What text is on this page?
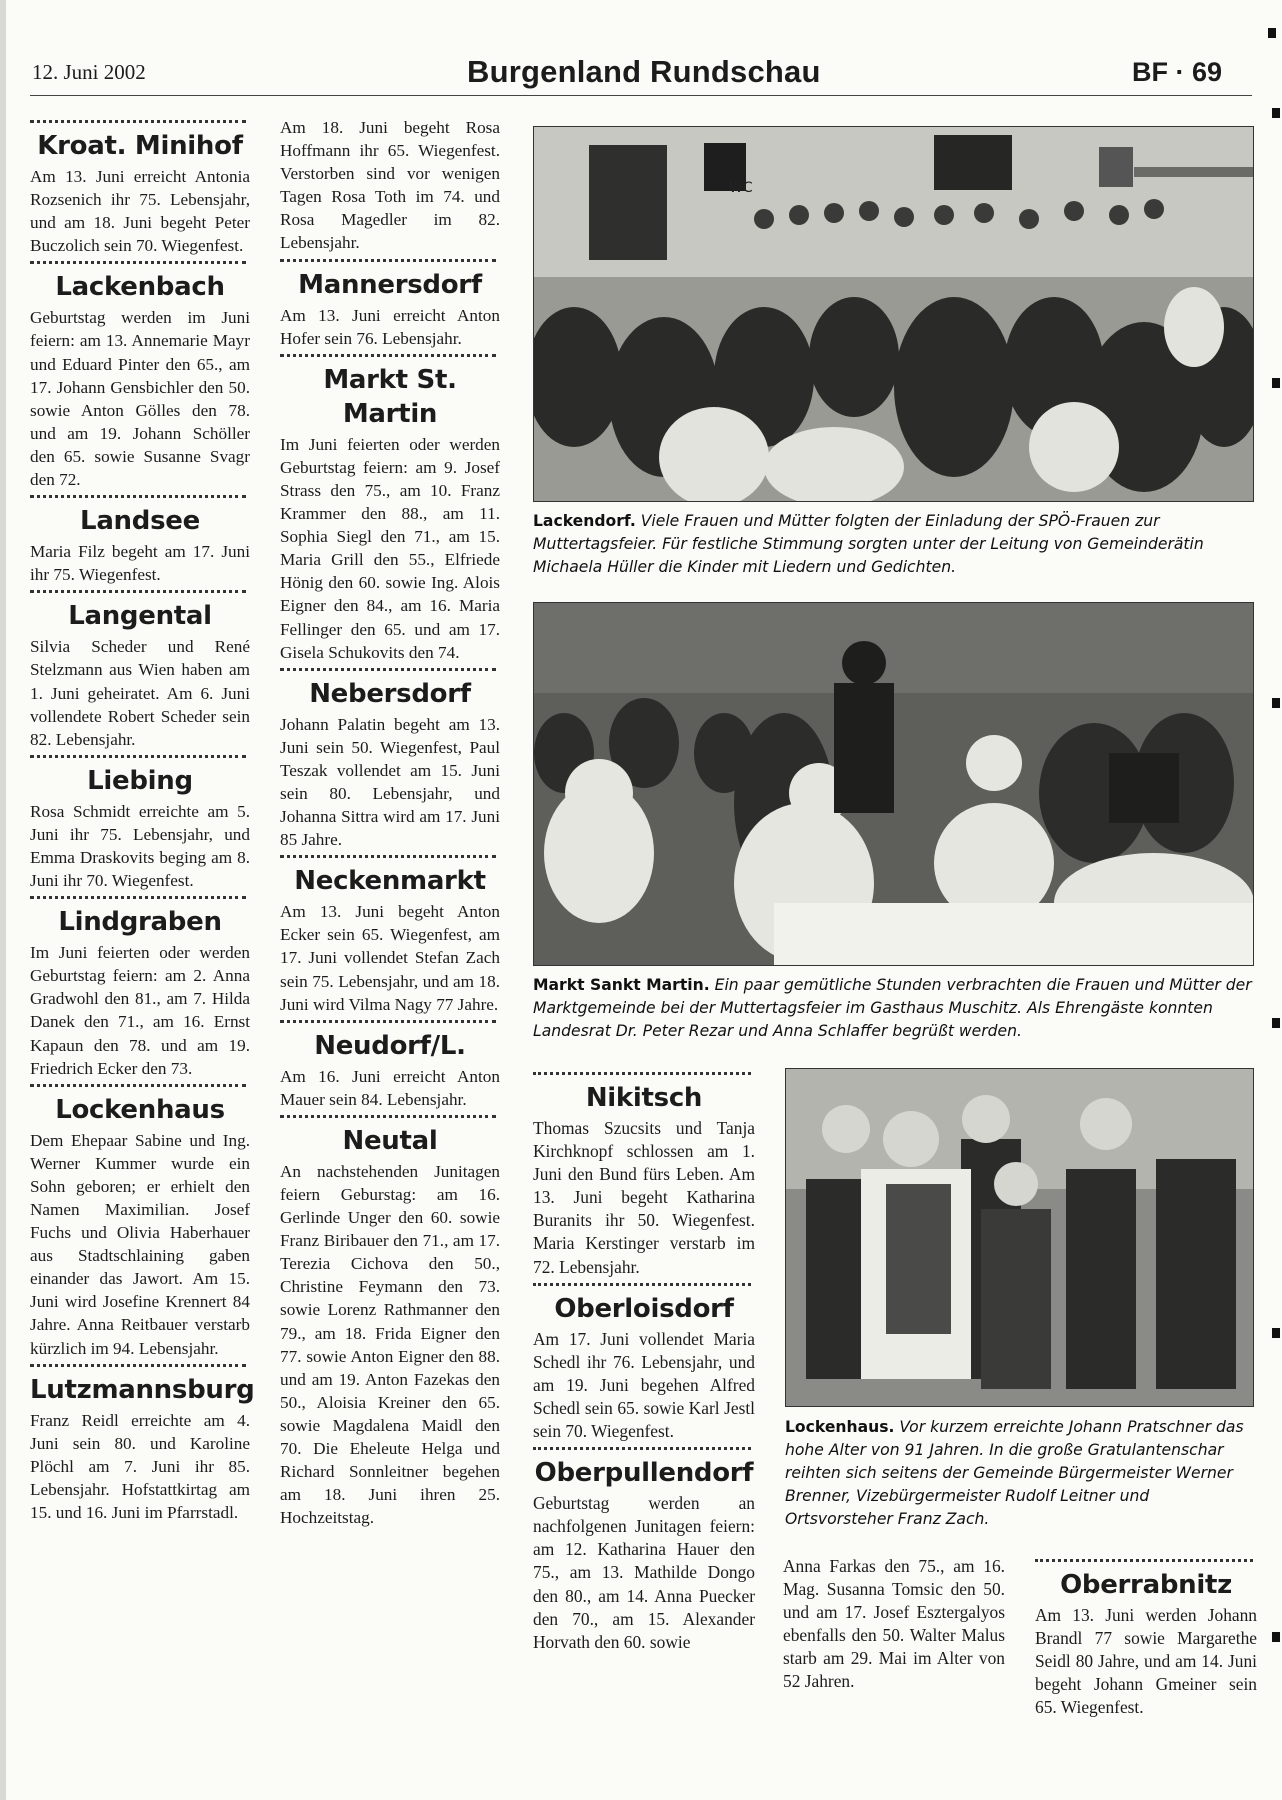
12. Juni 2002	Burgenland Rundschau	BF · 69
Kroat. Minihof

Am 13. Juni erreicht Antonia Rozsenich ihr 75. Lebensjahr, und am 18. Juni begeht Peter Buczolich sein 70. Wiegenfest.

Lackenbach

Geburtstag werden im Juni feiern: am 13. Annemarie Mayr und Eduard Pinter den 65., am 17. Johann Gensbichler den 50. sowie Anton Gölles den 78. und am 19. Johann Schöller den 65. sowie Susanne Svagr den 72.

Landsee

Maria Filz begeht am 17. Juni ihr 75. Wiegenfest.

Langental

Silvia Scheder und René Stelzmann aus Wien haben am 1. Juni geheiratet. Am 6. Juni vollendete Robert Scheder sein 82. Lebensjahr.

Liebing

Rosa Schmidt erreichte am 5. Juni ihr 75. Lebensjahr, und Emma Draskovits beging am 8. Juni ihr 70. Wiegenfest.

Lindgraben

Im Juni feierten oder werden Geburtstag feiern: am 2. Anna Gradwohl den 81., am 7. Hilda Danek den 71., am 16. Ernst Kapaun den 78. und am 19. Friedrich Ecker den 73.

Lockenhaus

Dem Ehepaar Sabine und Ing. Werner Kummer wurde ein Sohn geboren; er erhielt den Namen Maximilian. Josef Fuchs und Olivia Haberhauer aus Stadtschlaining gaben einander das Jawort. Am 15. Juni wird Josefine Krennert 84 Jahre. Anna Reitbauer verstarb kürzlich im 94. Lebensjahr.

Lutzmannsburg

Franz Reidl erreichte am 4. Juni sein 80. und Karoline Plöchl am 7. Juni ihr 85. Lebensjahr. Hofstattkirtag am 15. und 16. Juni im Pfarrstadl.

Am 18. Juni begeht Rosa Hoffmann ihr 65. Wiegenfest. Verstorben sind vor wenigen Tagen Rosa Toth im 74. und Rosa Magedler im 82. Lebensjahr.

Mannersdorf

Am 13. Juni erreicht Anton Hofer sein 76. Lebensjahr.

Markt St. Martin

Im Juni feierten oder werden Geburtstag feiern: am 9. Josef Strass den 75., am 10. Franz Krammer den 88., am 11. Sophia Siegl den 71., am 15. Maria Grill den 55., Elfriede Hönig den 60. sowie Ing. Alois Eigner den 84., am 16. Maria Fellinger den 65. und am 17. Gisela Schukovits den 74.

Nebersdorf

Johann Palatin begeht am 13. Juni sein 50. Wiegenfest, Paul Teszak vollendet am 15. Juni sein 80. Lebensjahr, und Johanna Sittra wird am 17. Juni 85 Jahre.

Neckenmarkt

Am 13. Juni begeht Anton Ecker sein 65. Wiegenfest, am 17. Juni vollendet Stefan Zach sein 75. Lebensjahr, und am 18. Juni wird Vilma Nagy 77 Jahre.

Neudorf/L.

Am 16. Juni erreicht Anton Mauer sein 84. Lebensjahr.

Neutal

An nachstehenden Junitagen feiern Geburstag: am 16. Gerlinde Unger den 60. sowie Franz Biribauer den 71., am 17. Terezia Cichova den 50., Christine Feymann den 73. sowie Lorenz Rathmanner den 79., am 18. Frida Eigner den 77. sowie Anton Eigner den 88. und am 19. Anton Fazekas den 50., Aloisia Kreiner den 65. sowie Magdalena Maidl den 70. Die Eheleute Helga und Richard Sonnleitner begehen am 18. Juni ihren 25. Hochzeitstag.

WC
Lackendorf. Viele Frauen und Mütter folgten der Einladung der SPÖ-Frauen zur Muttertagsfeier. Für festliche Stimmung sorgten unter der Leitung von Gemeinderätin Michaela Hüller die Kinder mit Liedern und Gedichten.
Markt Sankt Martin. Ein paar gemütliche Stunden verbrachten die Frauen und Mütter der Marktgemeinde bei der Muttertagsfeier im Gasthaus Muschitz. Als Ehrengäste konnten Landesrat Dr. Peter Rezar und Anna Schlaffer begrüßt werden.
Nikitsch

Thomas Szucsits und Tanja Kirchknopf schlossen am 1. Juni den Bund fürs Leben. Am 13. Juni begeht Katharina Buranits ihr 50. Wiegenfest. Maria Kerstinger verstarb im 72. Lebensjahr.

Oberloisdorf

Am 17. Juni vollendet Maria Schedl ihr 76. Lebensjahr, und am 19. Juni begehen Alfred Schedl sein 65. sowie Karl Jestl sein 70. Wiegenfest.

Oberpullendorf

Geburtstag werden an nachfolgenen Junitagen feiern: am 12. Katharina Hauer den 75., am 13. Mathilde Dongo den 80., am 14. Anna Puecker den 70., am 15. Alexander Horvath den 60. sowie

Lockenhaus. Vor kurzem erreichte Johann Pratschner das hohe Alter von 91 Jahren. In die große Gratulantenschar reihten sich seitens der Gemeinde Bürgermeister Werner Brenner, Vizebürgermeister Rudolf Leitner und Ortsvorsteher Franz Zach.

Anna Farkas den 75., am 16. Mag. Susanna Tomsic den 50. und am 17. Josef Esztergalyos ebenfalls den 50. Walter Malus starb am 29. Mai im Alter von 52 Jahren.

Oberrabnitz

Am 13. Juni werden Johann Brandl 77 sowie Margarethe Seidl 80 Jahre, und am 14. Juni begeht Johann Gmeiner sein 65. Wiegenfest.
